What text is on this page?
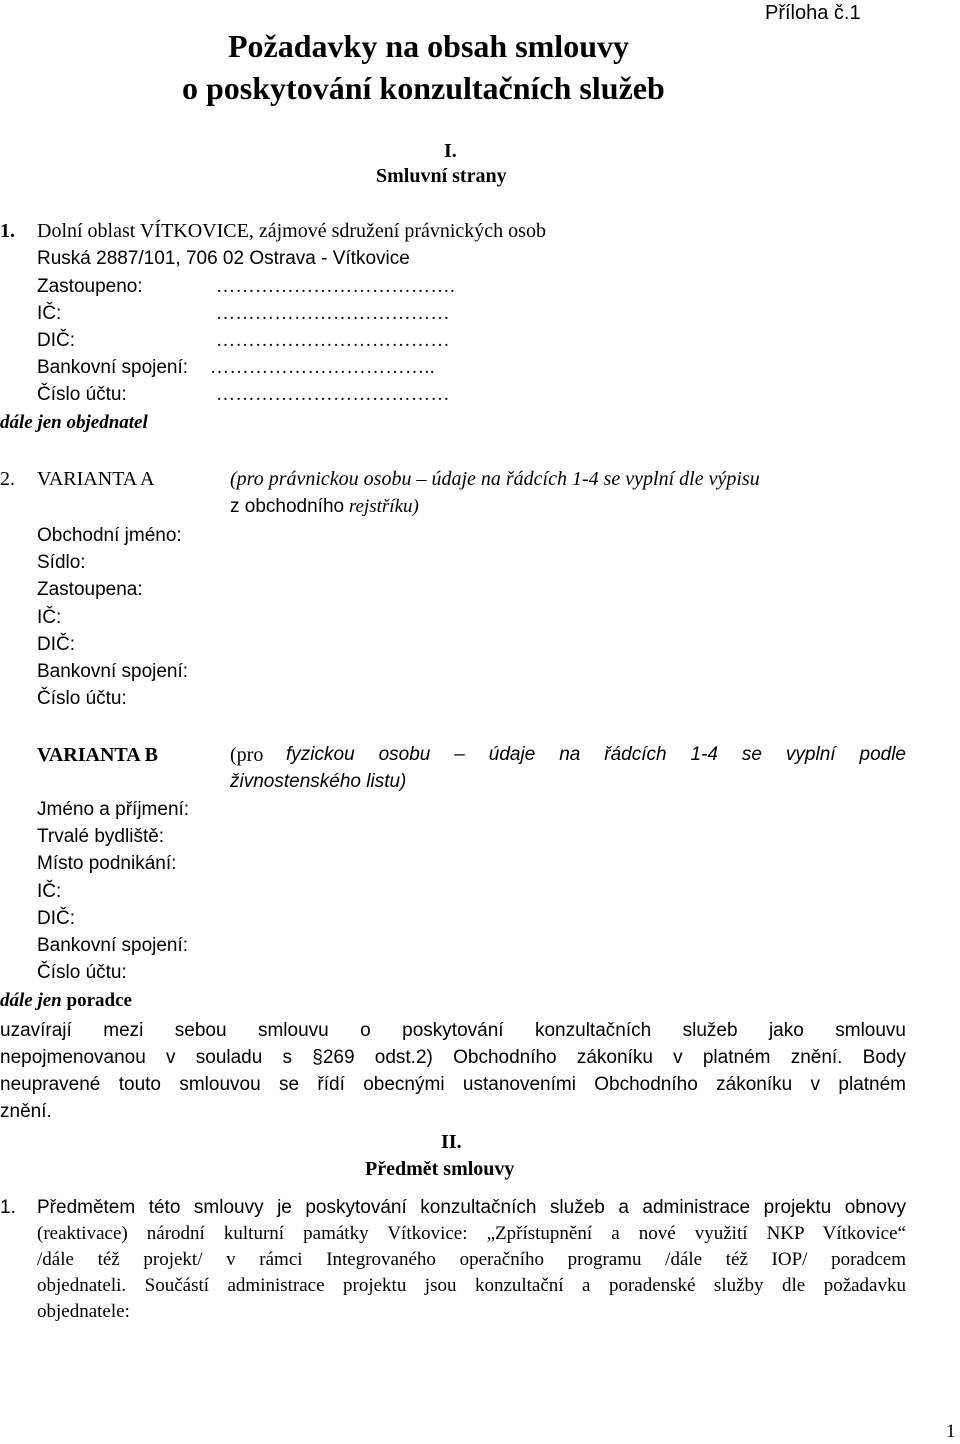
Příloha č.1
Požadavky na obsah smlouvy
o poskytování konzultačních služeb
I.
Smluvní strany
1. Dolní oblast VÍTKOVICE, zájmové sdružení právnických osob
Ruská 2887/101, 706 02 Ostrava - Vítkovice
Zastoupeno:	……………………………….
IČ:	………………………………
DIČ:	………………………………
Bankovní spojení: ……………………………..
Číslo účtu:	………………………………
dále jen objednatel
2. VARIANTA A	(pro právnickou osobu – údaje na řádcích 1-4 se vyplní dle výpisu
z obchodního rejstříku)
Obchodní jméno:
Sídlo:
Zastoupena:
IČ:
DIČ:
Bankovní spojení:
Číslo účtu:
VARIANTA B	(pro fyzickou osobu – údaje na řádcích 1-4 se vyplní podle
živnostenského listu)
Jméno a příjmení:
Trvalé bydliště:
Místo podnikání:
IČ:
DIČ:
Bankovní spojení:
Číslo účtu:
dále jen poradce
uzavírají mezi sebou smlouvu o poskytování konzultačních služeb jako smlouvu
nepojmenovanou v souladu s §269 odst.2) Obchodního zákoníku v platném znění. Body
neupravené touto smlouvou se řídí obecnými ustanoveními Obchodního zákoníku v platném
znění.
II.
Předmět smlouvy
1. Předmětem této smlouvy je poskytování konzultačních služeb a administrace projektu obnovy
(reaktivace) národní kulturní památky Vítkovice: „Zpřístupnění a nové využití NKP Vítkovice“
/dále též projekt/ v rámci Integrovaného operačního programu /dále též IOP/ poradcem
objednateli. Součástí administrace projektu jsou konzultační a poradenské služby dle požadavku
objednatele:
1
